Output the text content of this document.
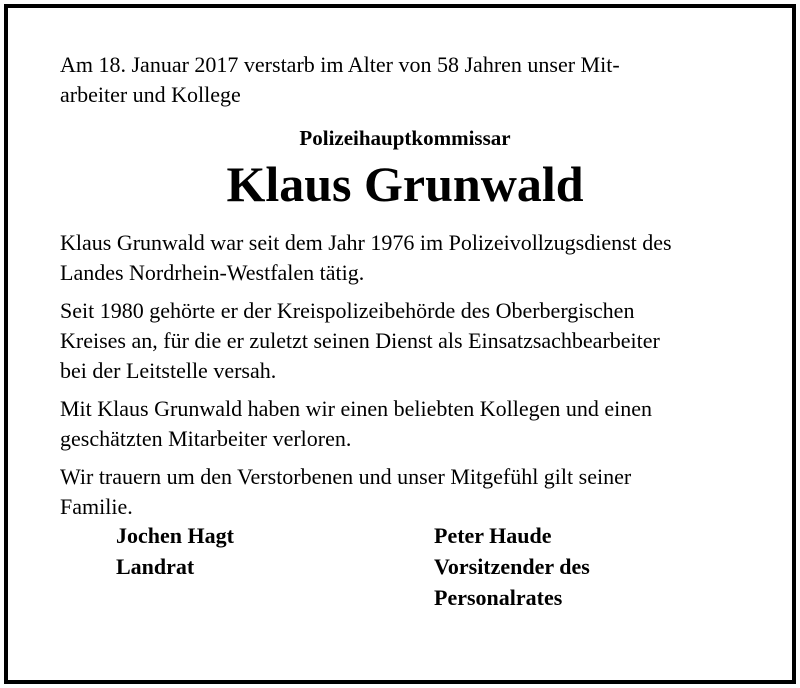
Am 18. Januar 2017 verstarb im Alter von 58 Jahren unser Mit-
arbeiter und Kollege

Polizeihauptkommissar
Klaus Grunwald

Klaus Grunwald war seit dem Jahr 1976 im Polizeivollzugsdienst des
Landes Nordrhein-Westfalen tätig.

Seit 1980 gehörte er der Kreispolizeibehörde des Oberbergischen
Kreises an, für die er zuletzt seinen Dienst als Einsatzsachbearbeiter
bei der Leitstelle versah.

Mit Klaus Grunwald haben wir einen beliebten Kollegen und einen
geschätzten Mitarbeiter verloren.

Wir trauern um den Verstorbenen und unser Mitgefühl gilt seiner
Familie.

Jochen Hagt
Landrat
Peter Haude
Vorsitzender des
Personalrates
